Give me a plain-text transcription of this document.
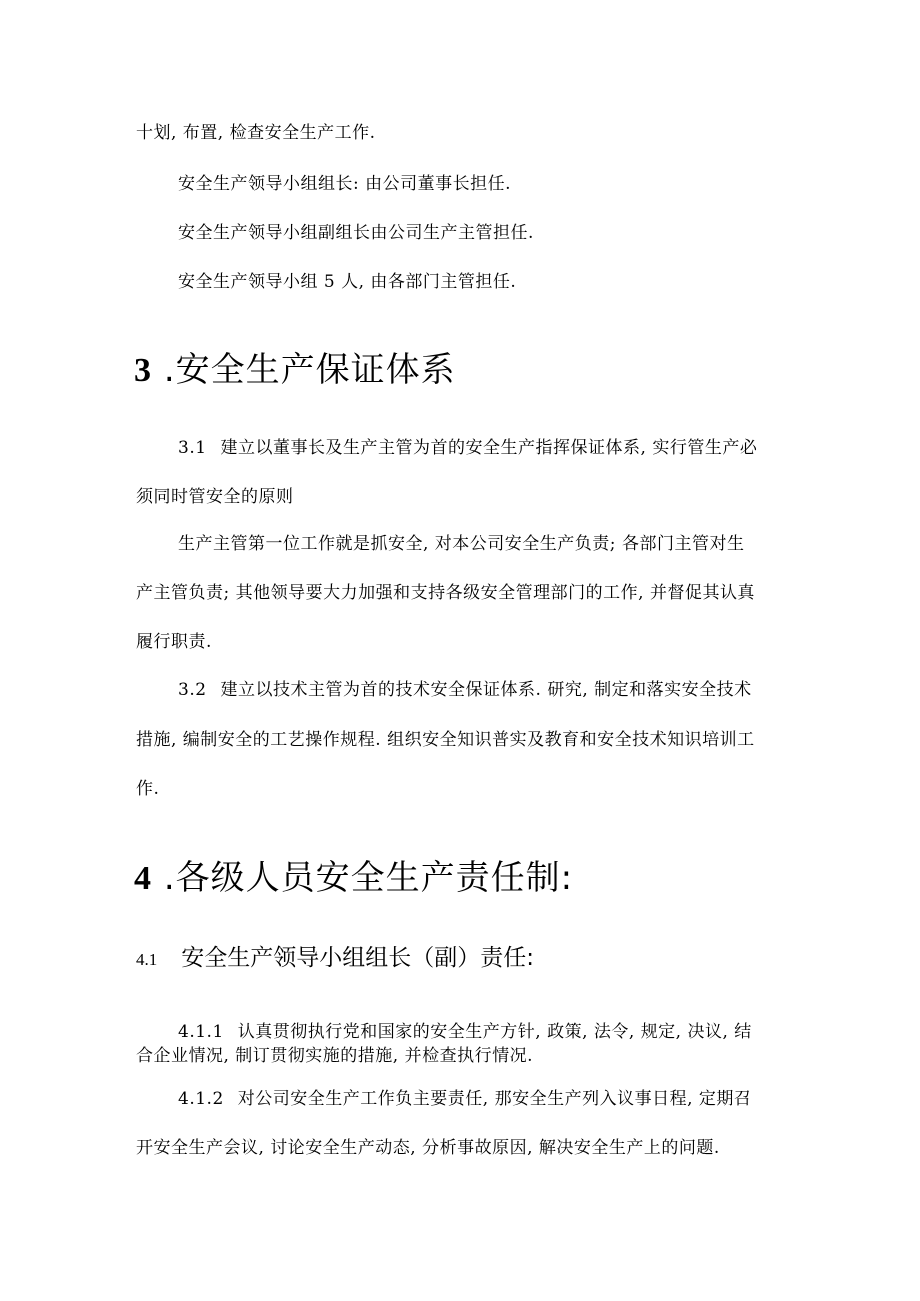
十划, 布置, 检查安全生产工作.
安全生产领导小组组长: 由公司董事长担任.
安全生产领导小组副组长由公司生产主管担任.
安全生产领导小组 5 人, 由各部门主管担任.
3 .安全生产保证体系
3.1 建立以董事长及生产主管为首的安全生产指挥保证体系, 实行管生产必
须同时管安全的原则
生产主管第一位工作就是抓安全, 对本公司安全生产负责; 各部门主管对生
产主管负责; 其他领导要大力加强和支持各级安全管理部门的工作, 并督促其认真
履行职责.
3.2 建立以技术主管为首的技术安全保证体系. 研究, 制定和落实安全技术
措施, 编制安全的工艺操作规程. 组织安全知识普实及教育和安全技术知识培训工
作.
4 .各级人员安全生产责任制:
4.1 安全生产领导小组组长（副）责任:
4.1.1 认真贯彻执行党和国家的安全生产方针, 政策, 法令, 规定, 决议, 结
合企业情况, 制订贯彻实施的措施, 并检查执行情况.
4.1.2 对公司安全生产工作负主要责任, 那安全生产列入议事日程, 定期召
开安全生产会议, 讨论安全生产动态, 分析事故原因, 解决安全生产上的问题.
